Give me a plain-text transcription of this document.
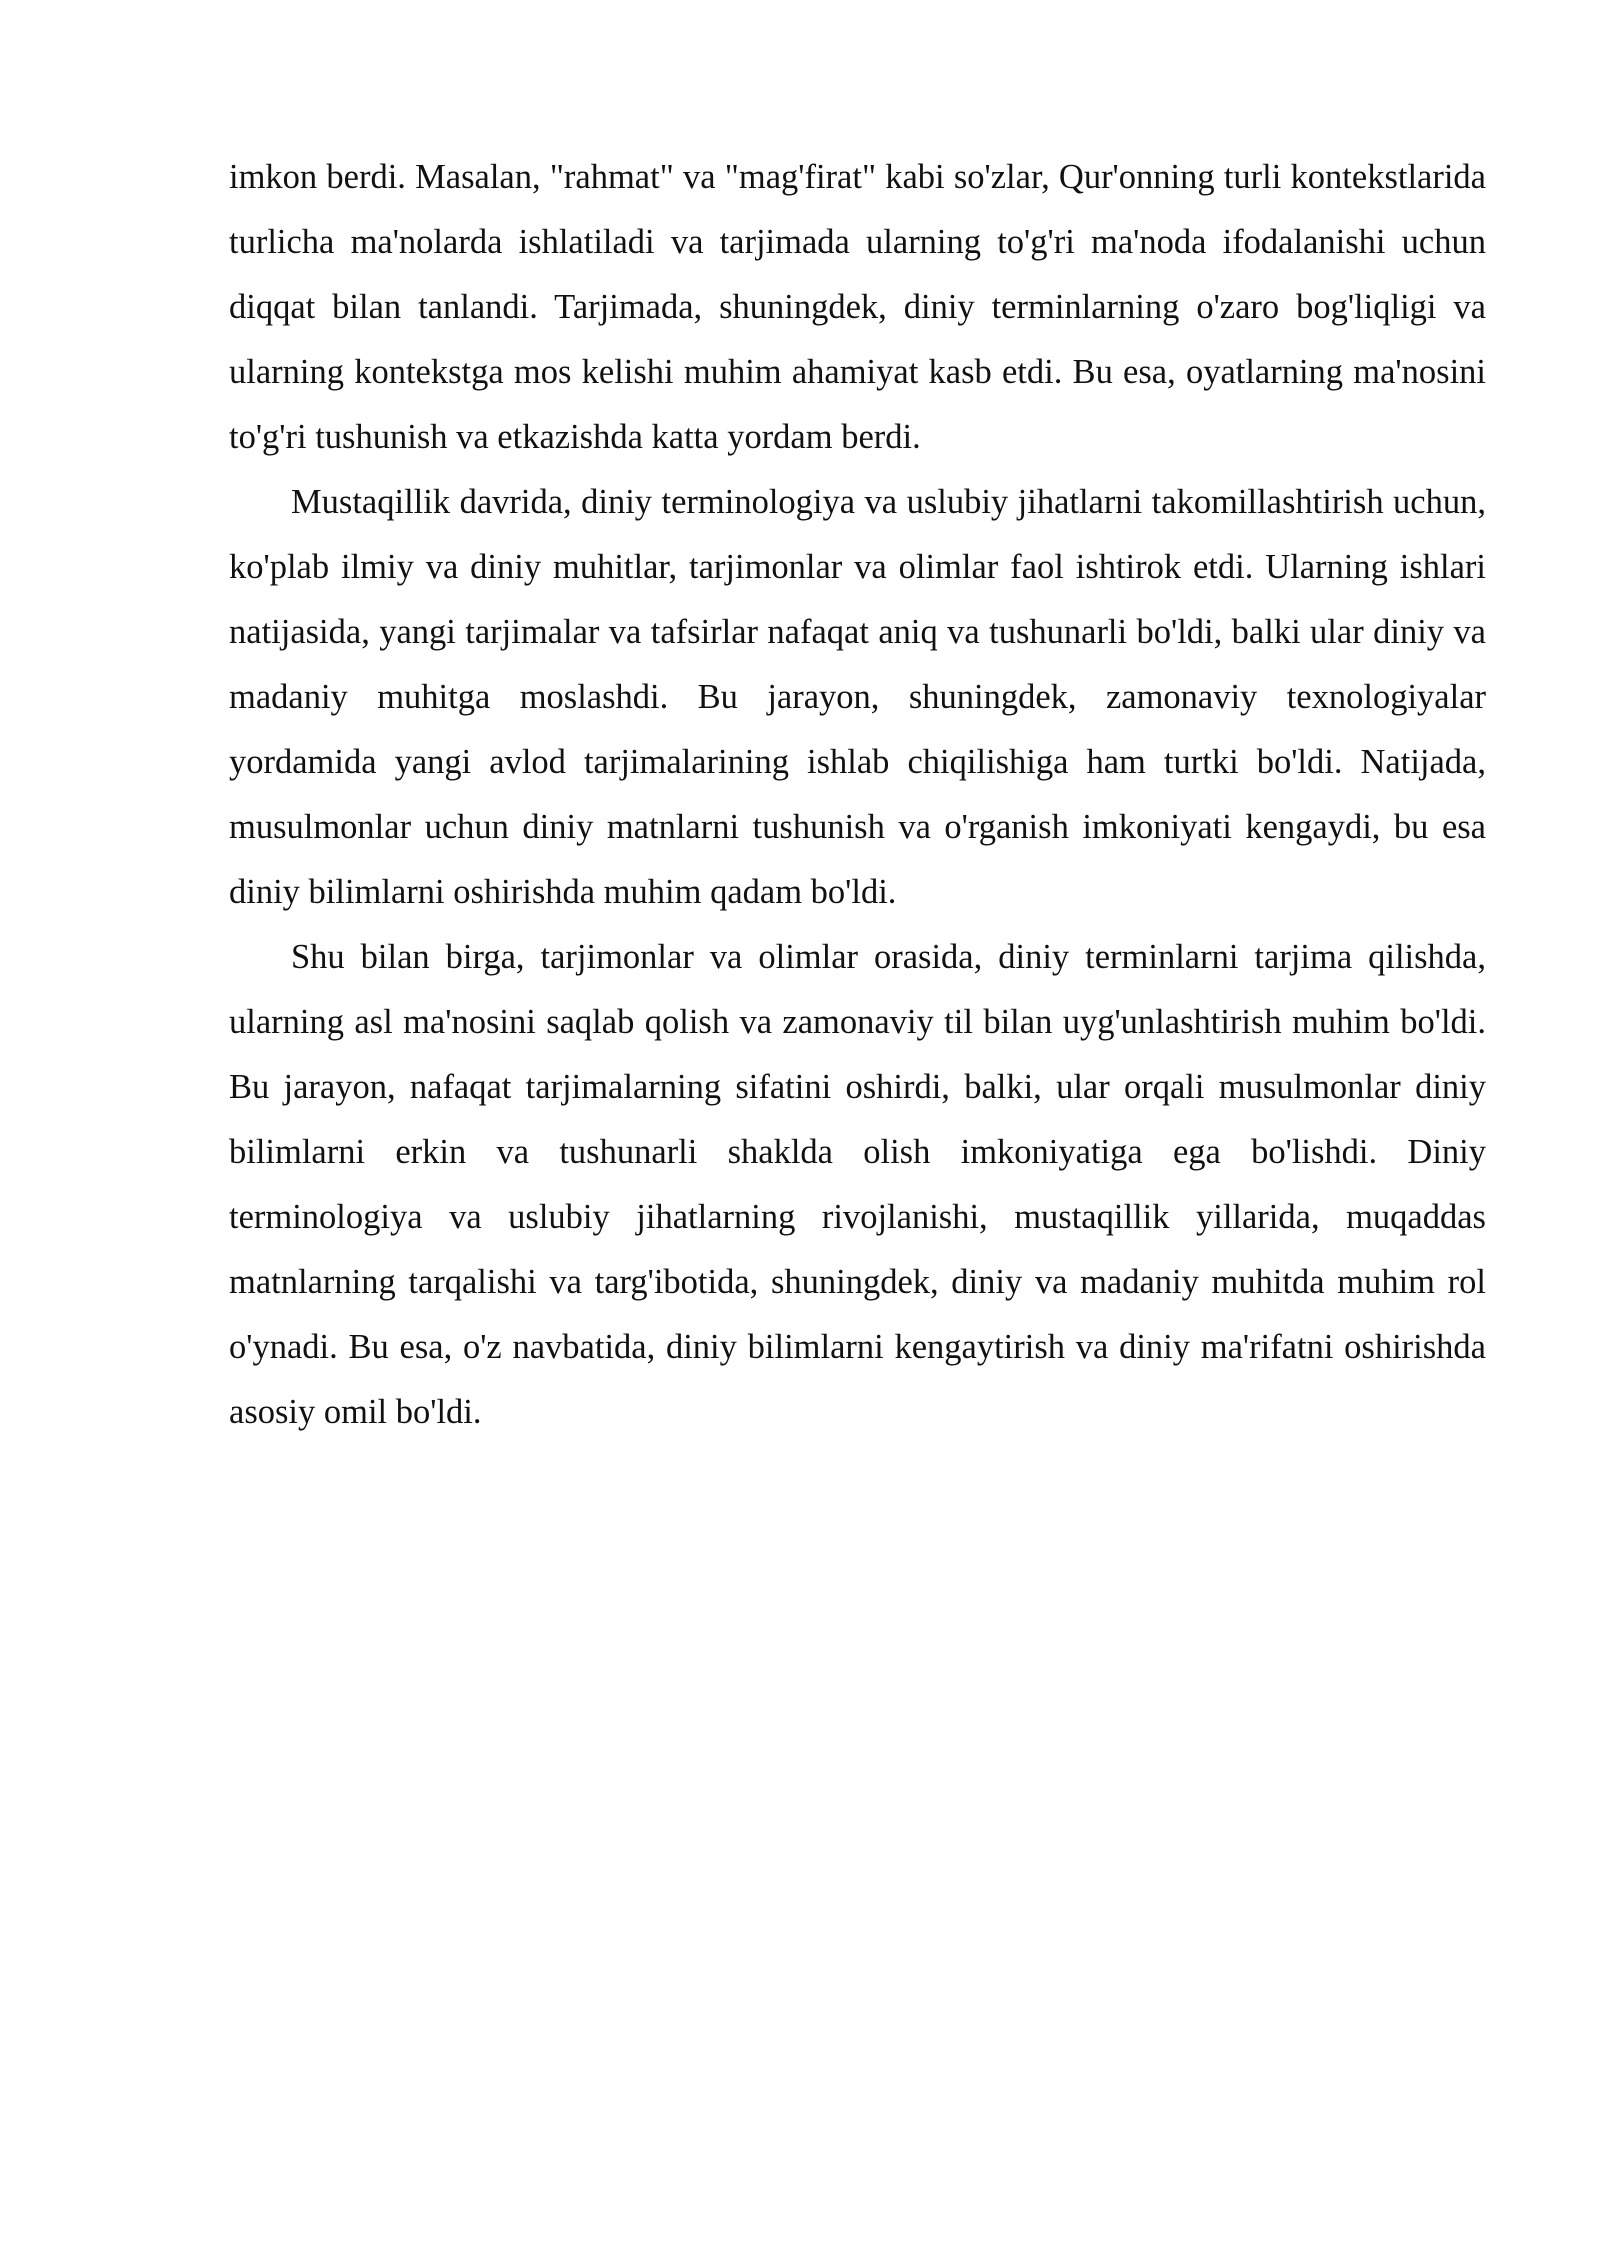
imkon berdi. Masalan, "rahmat" va "mag'firat" kabi so'zlar, Qur'onning turli kontekstlarida turlicha ma'nolarda ishlatiladi va tarjimada ularning to'g'ri ma'noda ifodalanishi uchun diqqat bilan tanlandi. Tarjimada, shuningdek, diniy terminlarning o'zaro bog'liqligi va ularning kontekstga mos kelishi muhim ahamiyat kasb etdi. Bu esa, oyatlarning ma'nosini to'g'ri tushunish va etkazishda katta yordam berdi.

Mustaqillik davrida, diniy terminologiya va uslubiy jihatlarni takomillashtirish uchun, ko'plab ilmiy va diniy muhitlar, tarjimonlar va olimlar faol ishtirok etdi. Ularning ishlari natijasida, yangi tarjimalar va tafsirlar nafaqat aniq va tushunarli bo'ldi, balki ular diniy va madaniy muhitga moslashdi. Bu jarayon, shuningdek, zamonaviy texnologiyalar yordamida yangi avlod tarjimalarining ishlab chiqilishiga ham turtki bo'ldi. Natijada, musulmonlar uchun diniy matnlarni tushunish va o'rganish imkoniyati kengaydi, bu esa diniy bilimlarni oshirishda muhim qadam bo'ldi.

Shu bilan birga, tarjimonlar va olimlar orasida, diniy terminlarni tarjima qilishda, ularning asl ma'nosini saqlab qolish va zamonaviy til bilan uyg'unlashtirish muhim bo'ldi. Bu jarayon, nafaqat tarjimalarning sifatini oshirdi, balki, ular orqali musulmonlar diniy bilimlarni erkin va tushunarli shaklda olish imkoniyatiga ega bo'lishdi. Diniy terminologiya va uslubiy jihatlarning rivojlanishi, mustaqillik yillarida, muqaddas matnlarning tarqalishi va targ'ibotida, shuningdek, diniy va madaniy muhitda muhim rol o'ynadi. Bu esa, o'z navbatida, diniy bilimlarni kengaytirish va diniy ma'rifatni oshirishda asosiy omil bo'ldi.
